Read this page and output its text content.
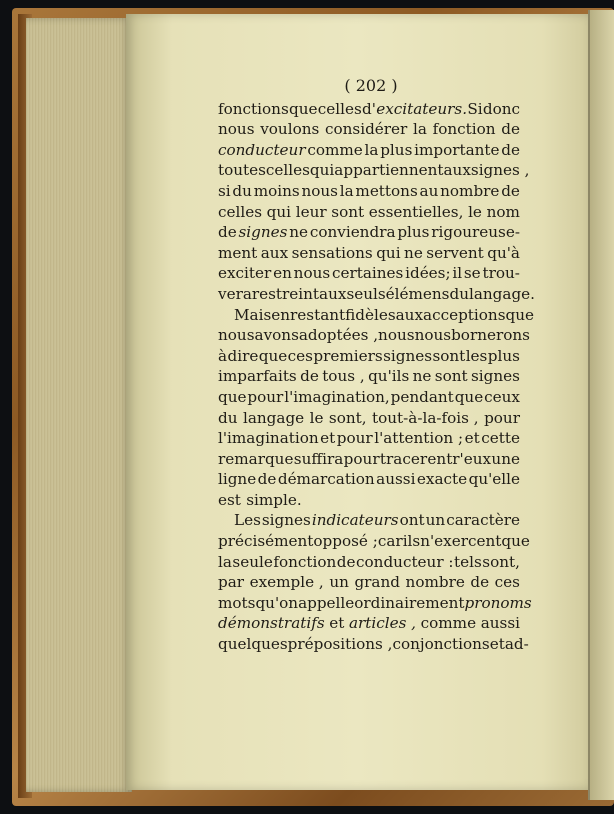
( 202 )
fonctions que celles d' excitateurs. Si donc
nous voulons considérer la fonction de
conducteur comme la plus importante de
toutes celles qui appartiennent aux signes ,
si du moins nous la mettons au nombre de
celles qui leur sont essentielles, le nom
de signes ne conviendra plus rigoureuse-
ment aux sensations qui ne servent qu'à
exciter en nous certaines idées; il se trou-
vera restreint aux seuls élémens du langage.
Mais en restant fidèles aux acceptions que
nous avons adoptées , nous nous bornerons
à dire que ces premiers signes sont les plus
imparfaits de tous , qu'ils ne sont signes
que pour l'imagination, pendant que ceux
du langage le sont, tout-à-la-fois , pour
l'imagination et pour l'attention ; et cette
remarque suffira pour tracer entr'eux une
ligne de démarcation aussi exacte qu'elle
est simple.
Les signes indicateurs ont un caractère
précisément opposé ; car ils n'exercent que
la seule fonction de conducteur : tels sont,
par exemple , un grand nombre de ces
mots qu'on appelle ordinairement pronoms
démonstratifs et articles , comme aussi
quelques prépositions , conjonctions et ad-
